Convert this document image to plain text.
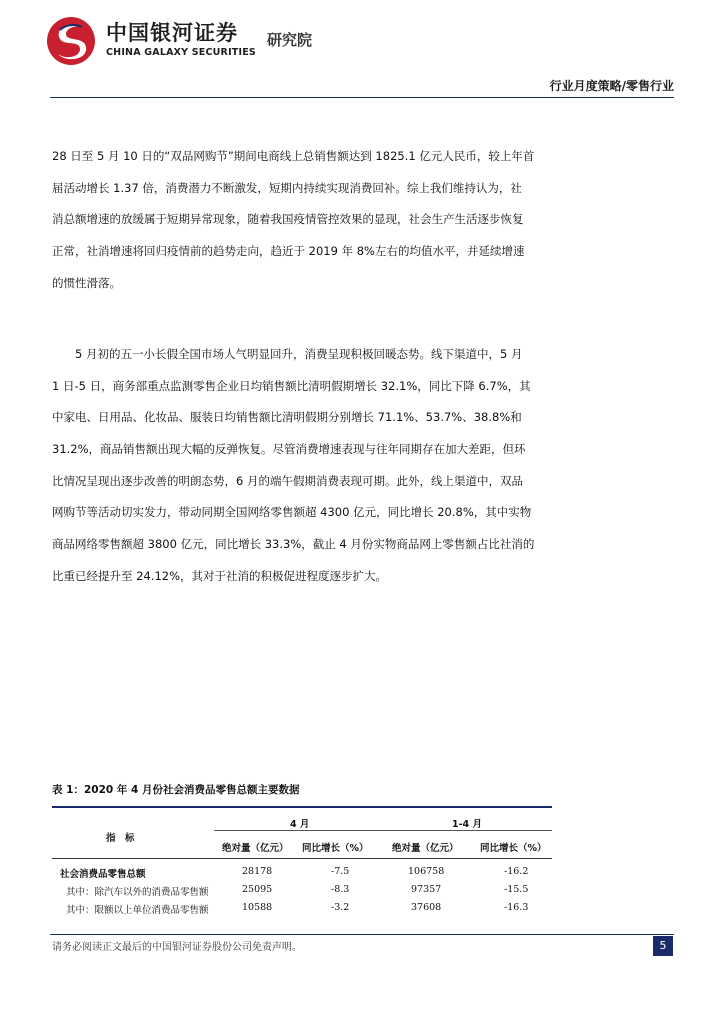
中国银河证券
CHINA GALAXY SECURITIES
研究院
行业月度策略/零售行业

28 日至 5 月 10 日的“双品网购节”期间电商线上总销售额达到 1825.1 亿元人民币，较上年首
届活动增长 1.37 倍，消费潜力不断激发，短期内持续实现消费回补。综上我们维持认为，社
消总额增速的放缓属于短期异常现象，随着我国疫情管控效果的显现，社会生产生活逐步恢复
正常，社消增速将回归疫情前的趋势走向，趋近于 2019 年 8%左右的均值水平，并延续增速
的惯性滑落。

5 月初的五一小长假全国市场人气明显回升，消费呈现积极回暖态势。线下渠道中，5 月
1 日-5 日，商务部重点监测零售企业日均销售额比清明假期增长 32.1%，同比下降 6.7%，其
中家电、日用品、化妆品、服装日均销售额比清明假期分别增长 71.1%、53.7%、38.8%和
31.2%，商品销售额出现大幅的反弹恢复。尽管消费增速表现与往年同期存在加大差距，但环
比情况呈现出逐步改善的明朗态势，6 月的端午假期消费表现可期。此外，线上渠道中，双品
网购节等活动切实发力，带动同期全国网络零售额超 4300 亿元，同比增长 20.8%，其中实物
商品网络零售额超 3800 亿元，同比增长 33.3%，截止 4 月份实物商品网上零售额占比社消的
比重已经提升至 24.12%，其对于社消的积极促进程度逐步扩大。

表 1：2020 年 4 月份社会消费品零售总额主要数据
4 月	1-4 月
指　标
绝对量（亿元） 同比增长（%） 绝对量（亿元） 同比增长（%）
社会消费品零售总额	28178	-7.5	106758	-16.2
其中：除汽车以外的消费品零售额	25095	-8.3	97357	-15.5
其中：限额以上单位消费品零售额	10588	-3.2	37608	-16.3
请务必阅读正文最后的中国银河证券股份公司免责声明。	5
